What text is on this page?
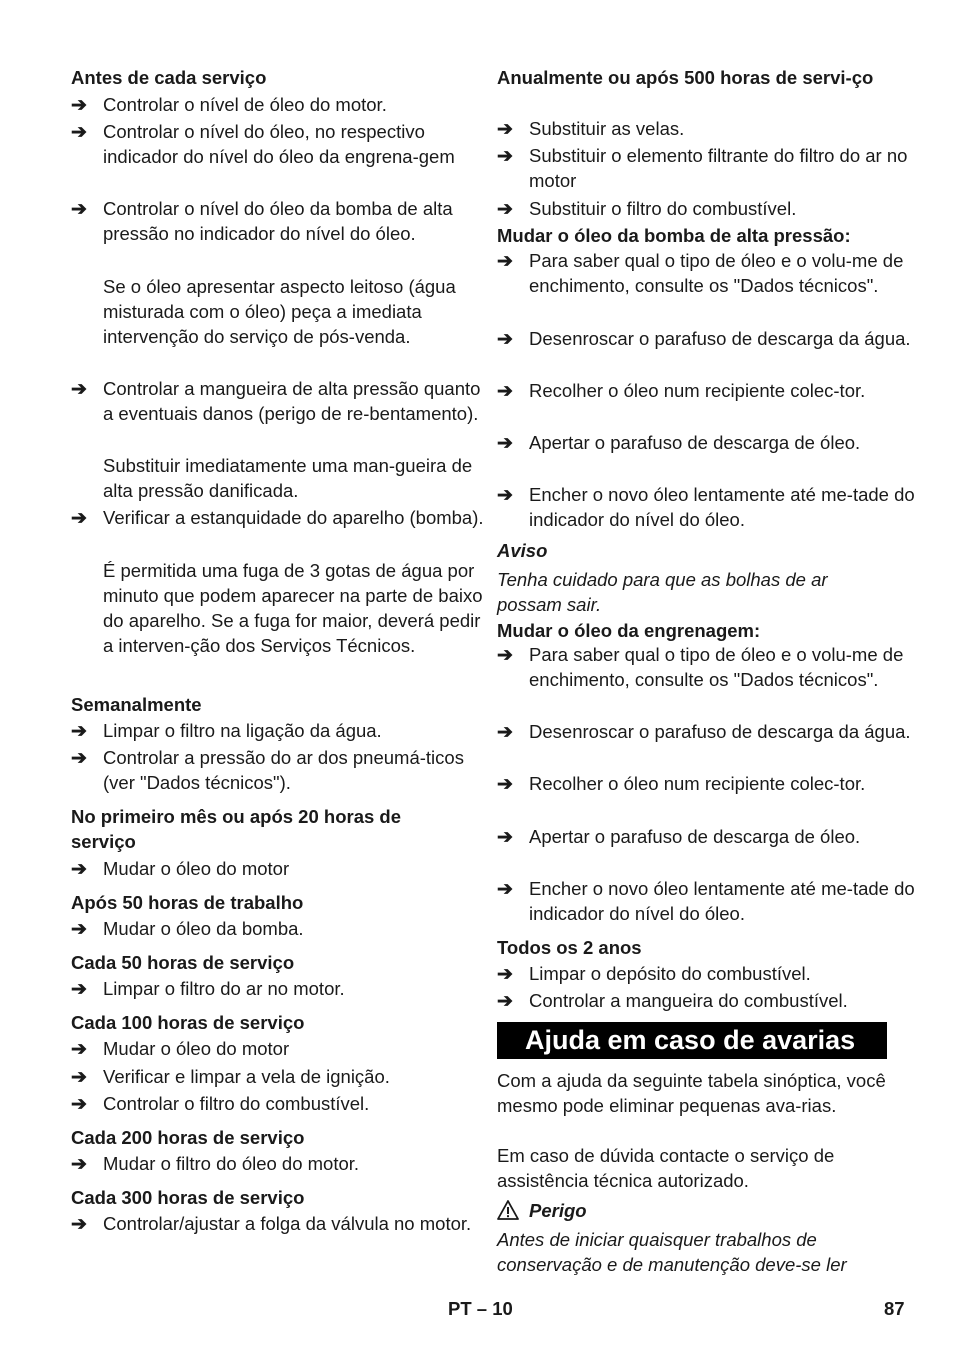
Antes de cada serviço
➔ Controlar o nível de óleo do motor.
➔ Controlar o nível do óleo, no respectivo indicador do nível do óleo da engrena-gem
➔ Controlar o nível do óleo da bomba de alta pressão no indicador do nível do óleo.
Se o óleo apresentar aspecto leitoso (água misturada com o óleo) peça a imediata intervenção do serviço de pós-venda.
➔ Controlar a mangueira de alta pressão quanto a eventuais danos (perigo de re-bentamento).
Substituir imediatamente uma man-gueira de alta pressão danificada.
➔ Verificar a estanquidade do aparelho (bomba).
É permitida uma fuga de 3 gotas de água por minuto que podem aparecer na parte de baixo do aparelho. Se a fuga for maior, deverá pedir a interven-ção dos Serviços Técnicos.
Semanalmente
➔ Limpar o filtro na ligação da água.
➔ Controlar a pressão do ar dos pneumá-ticos (ver "Dados técnicos").
No primeiro mês ou após 20 horas de serviço
➔ Mudar o óleo do motor
Após 50 horas de trabalho
➔ Mudar o óleo da bomba.
Cada 50 horas de serviço
➔ Limpar o filtro do ar no motor.
Cada 100 horas de serviço
➔ Mudar o óleo do motor
➔ Verificar e limpar a vela de ignição.
➔ Controlar o filtro do combustível.
Cada 200 horas de serviço
➔ Mudar o filtro do óleo do motor.
Cada 300 horas de serviço
➔ Controlar/ajustar a folga da válvula no motor.
Anualmente ou após 500 horas de servi-ço
➔ Substituir as velas.
➔ Substituir o elemento filtrante do filtro do ar no motor
➔ Substituir o filtro do combustível.
Mudar o óleo da bomba de alta pressão:
➔ Para saber qual o tipo de óleo e o volu-me de enchimento, consulte os "Dados técnicos".
➔ Desenroscar o parafuso de descarga da água.
➔ Recolher o óleo num recipiente colec-tor.
➔ Apertar o parafuso de descarga de óleo.
➔ Encher o novo óleo lentamente até me-tade do indicador do nível do óleo.
Aviso
Tenha cuidado para que as bolhas de ar possam sair.
Mudar o óleo da engrenagem:
➔ Para saber qual o tipo de óleo e o volu-me de enchimento, consulte os "Dados técnicos".
➔ Desenroscar o parafuso de descarga da água.
➔ Recolher o óleo num recipiente colec-tor.
➔ Apertar o parafuso de descarga de óleo.
➔ Encher o novo óleo lentamente até me-tade do indicador do nível do óleo.
Todos os 2 anos
➔ Limpar o depósito do combustível.
➔ Controlar a mangueira do combustível.
Ajuda em caso de avarias
Com a ajuda da seguinte tabela sinóptica, você mesmo pode eliminar pequenas ava-rias.
Em caso de dúvida contacte o serviço de assistência técnica autorizado.
Perigo
Antes de iniciar quaisquer trabalhos de conservação e de manutenção deve-se ler
PT – 10	87
